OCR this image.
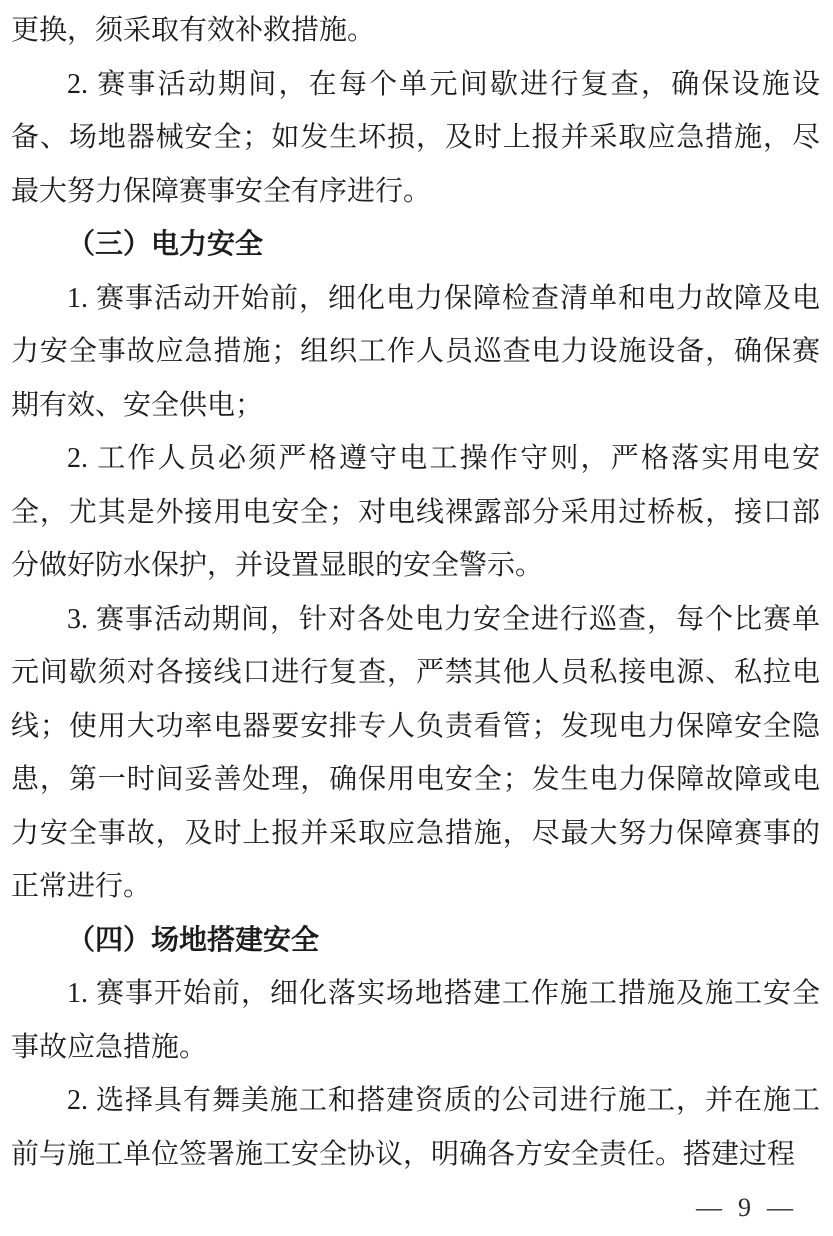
更换，须采取有效补救措施。

2. 赛事活动期间，在每个单元间歇进行复查，确保设施设备、场地器械安全；如发生坏损，及时上报并采取应急措施，尽最大努力保障赛事安全有序进行。

（三）电力安全

1. 赛事活动开始前，细化电力保障检查清单和电力故障及电力安全事故应急措施；组织工作人员巡查电力设施设备，确保赛期有效、安全供电；

2. 工作人员必须严格遵守电工操作守则，严格落实用电安全，尤其是外接用电安全；对电线裸露部分采用过桥板，接口部分做好防水保护，并设置显眼的安全警示。

3. 赛事活动期间，针对各处电力安全进行巡查，每个比赛单元间歇须对各接线口进行复查，严禁其他人员私接电源、私拉电线；使用大功率电器要安排专人负责看管；发现电力保障安全隐患，第一时间妥善处理，确保用电安全；发生电力保障故障或电力安全事故，及时上报并采取应急措施，尽最大努力保障赛事的正常进行。

（四）场地搭建安全

1. 赛事开始前，细化落实场地搭建工作施工措施及施工安全事故应急措施。

2. 选择具有舞美施工和搭建资质的公司进行施工，并在施工前与施工单位签署施工安全协议，明确各方安全责任。搭建过程

— 9 —
